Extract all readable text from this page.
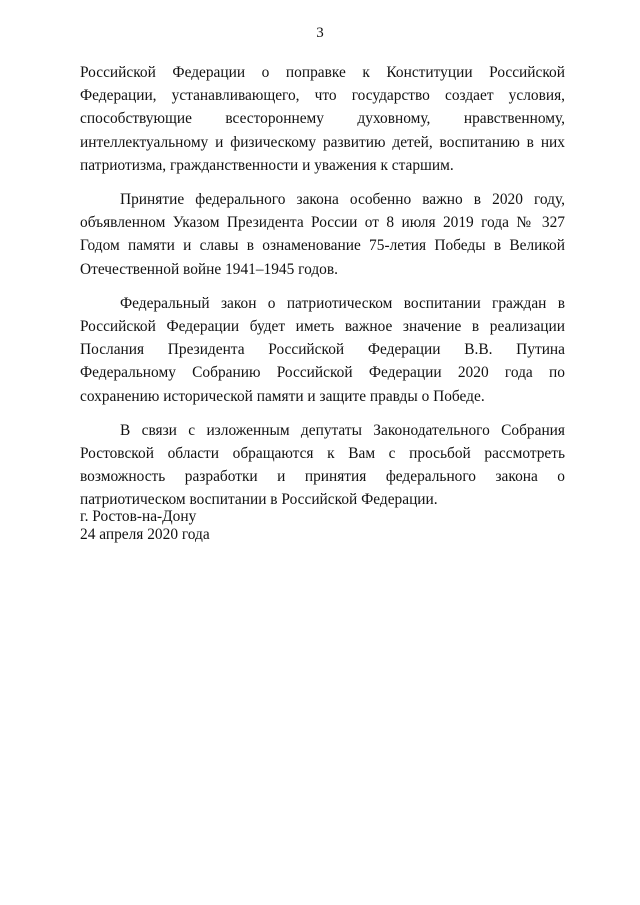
3

Российской Федерации о поправке к Конституции Российской Федерации, устанавливающего, что государство создает условия, способствующие всестороннему духовному, нравственному, интеллектуальному и физическому развитию детей, воспитанию в них патриотизма, гражданственности и уважения к старшим.

Принятие федерального закона особенно важно в 2020 году, объявленном Указом Президента России от 8 июля 2019 года № 327 Годом памяти и славы в ознаменование 75-летия Победы в Великой Отечественной войне 1941–1945 годов.

Федеральный закон о патриотическом воспитании граждан в Российской Федерации будет иметь важное значение в реализации Послания Президента Российской Федерации В.В. Путина Федеральному Собранию Российской Федерации 2020 года по сохранению исторической памяти и защите правды о Победе.

В связи с изложенным депутаты Законодательного Собрания Ростовской области обращаются к Вам с просьбой рассмотреть возможность разработки и принятия федерального закона о патриотическом воспитании в Российской Федерации.

г. Ростов-на-Дону
24 апреля 2020 года
